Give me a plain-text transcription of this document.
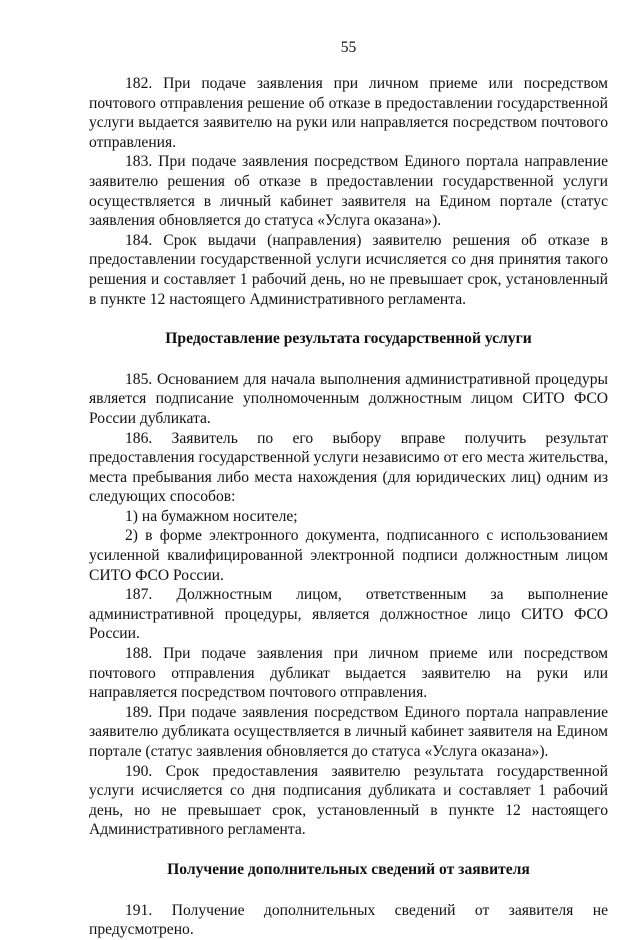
55

182. При подаче заявления при личном приеме или посредством почтового отправления решение об отказе в предоставлении государственной услуги выдается заявителю на руки или направляется посредством почтового отправления.

183. При подаче заявления посредством Единого портала направление заявителю решения об отказе в предоставлении государственной услуги осуществляется в личный кабинет заявителя на Едином портале (статус заявления обновляется до статуса «Услуга оказана»).

184. Срок выдачи (направления) заявителю решения об отказе в предоставлении государственной услуги исчисляется со дня принятия такого решения и составляет 1 рабочий день, но не превышает срок, установленный в пункте 12 настоящего Административного регламента.

Предоставление результата государственной услуги

185. Основанием для начала выполнения административной процедуры является подписание уполномоченным должностным лицом СИТО ФСО России дубликата.

186. Заявитель по его выбору вправе получить результат предоставления государственной услуги независимо от его места жительства, места пребывания либо места нахождения (для юридических лиц) одним из следующих способов:

1) на бумажном носителе;

2) в форме электронного документа, подписанного с использованием усиленной квалифицированной электронной подписи должностным лицом СИТО ФСО России.

187. Должностным лицом, ответственным за выполнение административной процедуры, является должностное лицо СИТО ФСО России.

188. При подаче заявления при личном приеме или посредством почтового отправления дубликат выдается заявителю на руки или направляется посредством почтового отправления.

189. При подаче заявления посредством Единого портала направление заявителю дубликата осуществляется в личный кабинет заявителя на Едином портале (статус заявления обновляется до статуса «Услуга оказана»).

190. Срок предоставления заявителю результата государственной услуги исчисляется со дня подписания дубликата и составляет 1 рабочий день, но не превышает срок, установленный в пункте 12 настоящего Административного регламента.

Получение дополнительных сведений от заявителя

191. Получение дополнительных сведений от заявителя не предусмотрено.
